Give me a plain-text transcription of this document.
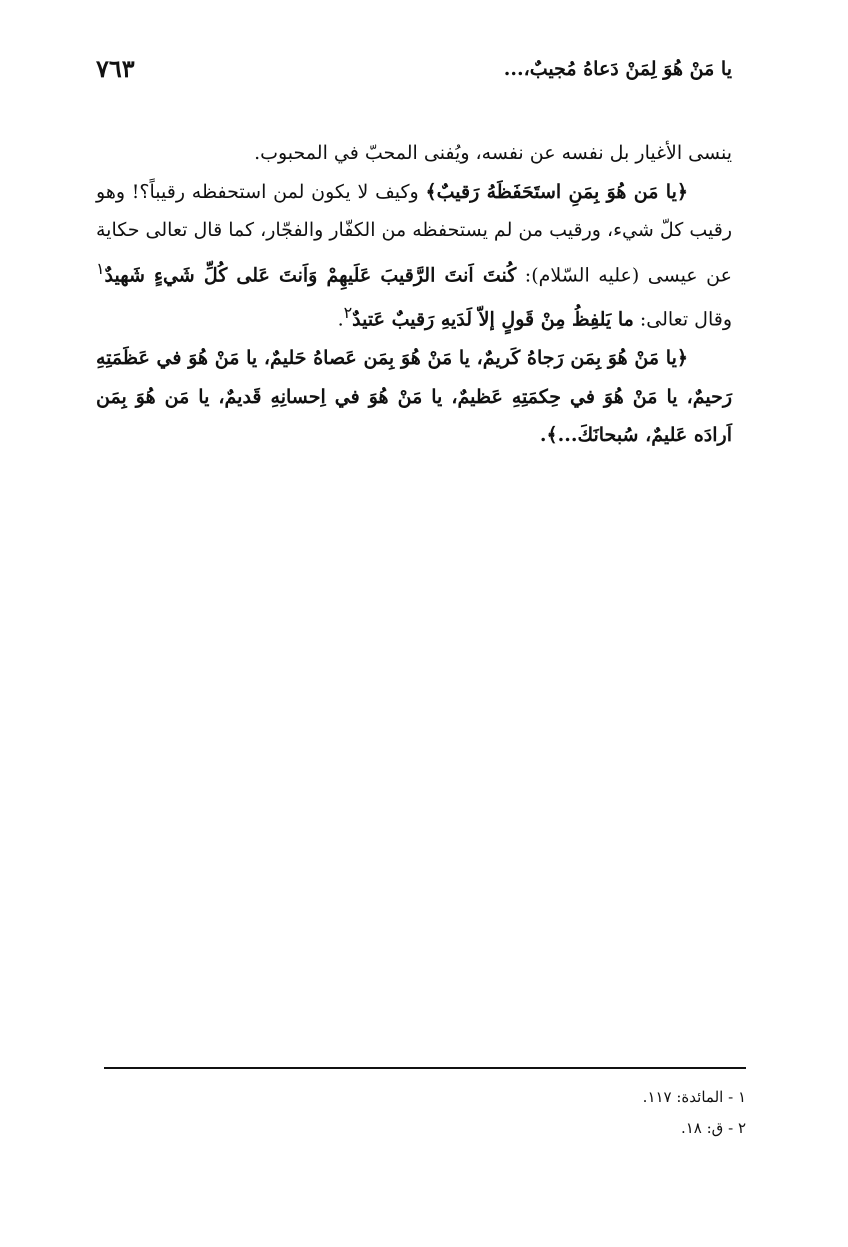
يا مَنْ هُوَ لِمَنْ دَعاهُ مُجيبٌ،...
٧٦٣

ينسى الأغيار بل نفسه عن نفسه، ويُفنى المحبّ في المحبوب.

﴿يا مَن هُوَ بِمَنِ استَحَفَظَهُ رَقيبٌ﴾ وكيف لا يكون لمن استحفظه رقيباً؟! وهو رقيب كلّ شيء، ورقيب من لم يستحفظه من الكفّار والفجّار، كما قال تعالى حكاية عن عيسى (عليه السّلام): كُنتَ اَنتَ الرَّقيبَ عَلَيهِمْ وَاَنتَ عَلى كُلِّ شَيءٍ شَهيدٌ$^١$ وقال تعالى: ما يَلفِظُ مِنْ قَولٍ إلاّ لَدَيهِ رَقيبٌ عَتيدٌ$^٢$.

﴿يا مَنْ هُوَ بِمَن رَجاهُ كَريمٌ، يا مَنْ هُوَ بِمَن عَصاهُ حَليمٌ، يا مَنْ هُوَ في عَظَمَتِهِ رَحيمٌ، يا مَنْ هُوَ في حِكمَتِهِ عَظيمٌ، يا مَنْ هُوَ في اِحسانِهِ قَديمٌ، يا مَن هُوَ بِمَن اَرادَه عَليمٌ، سُبحانَكَ...﴾.

١ - المائدة: ١١٧.
٢ - ق: ١٨.
